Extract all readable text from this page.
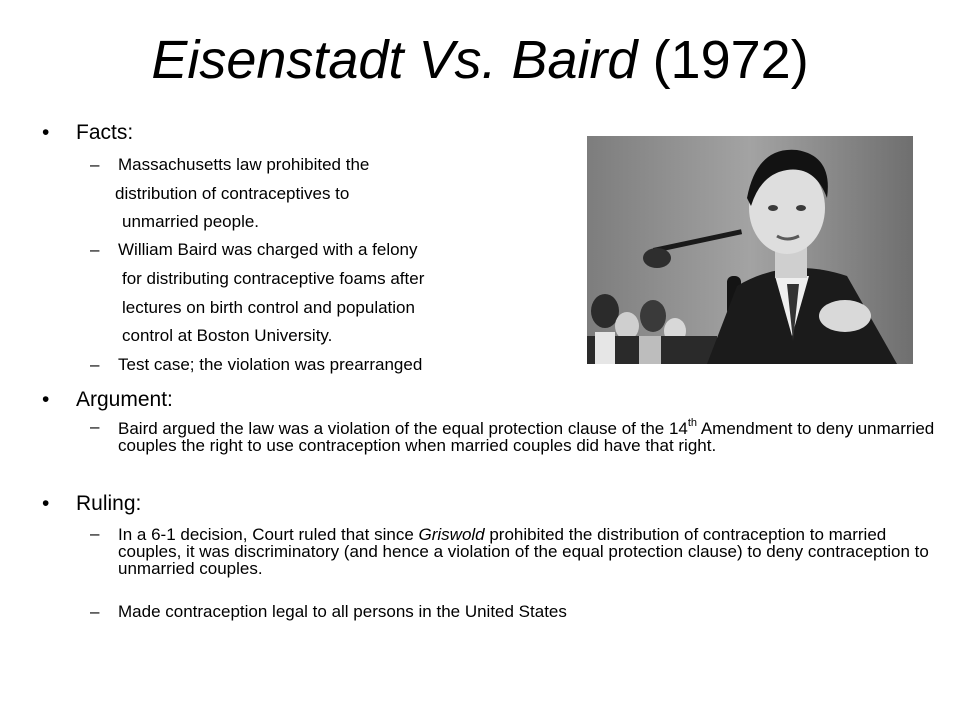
Eisenstadt Vs. Baird (1972)
• Facts:
– Massachusetts law prohibited the
distribution of contraceptives to
unmarried people.
– William Baird was charged with a felony
for distributing contraceptive foams after
lectures on birth control and population
control at Boston University.
– Test case; the violation was prearranged
• Argument:
– Baird argued the law was a violation of the equal protection clause of the 14th Amendment to deny unmarried couples the right to use contraception when married couples did have that right.
• Ruling:
– In a 6-1 decision, Court ruled that since Griswold prohibited the distribution of contraception to married couples, it was discriminatory (and hence a violation of the equal protection clause) to deny contraception to unmarried couples.
– Made contraception legal to all persons in the United States
